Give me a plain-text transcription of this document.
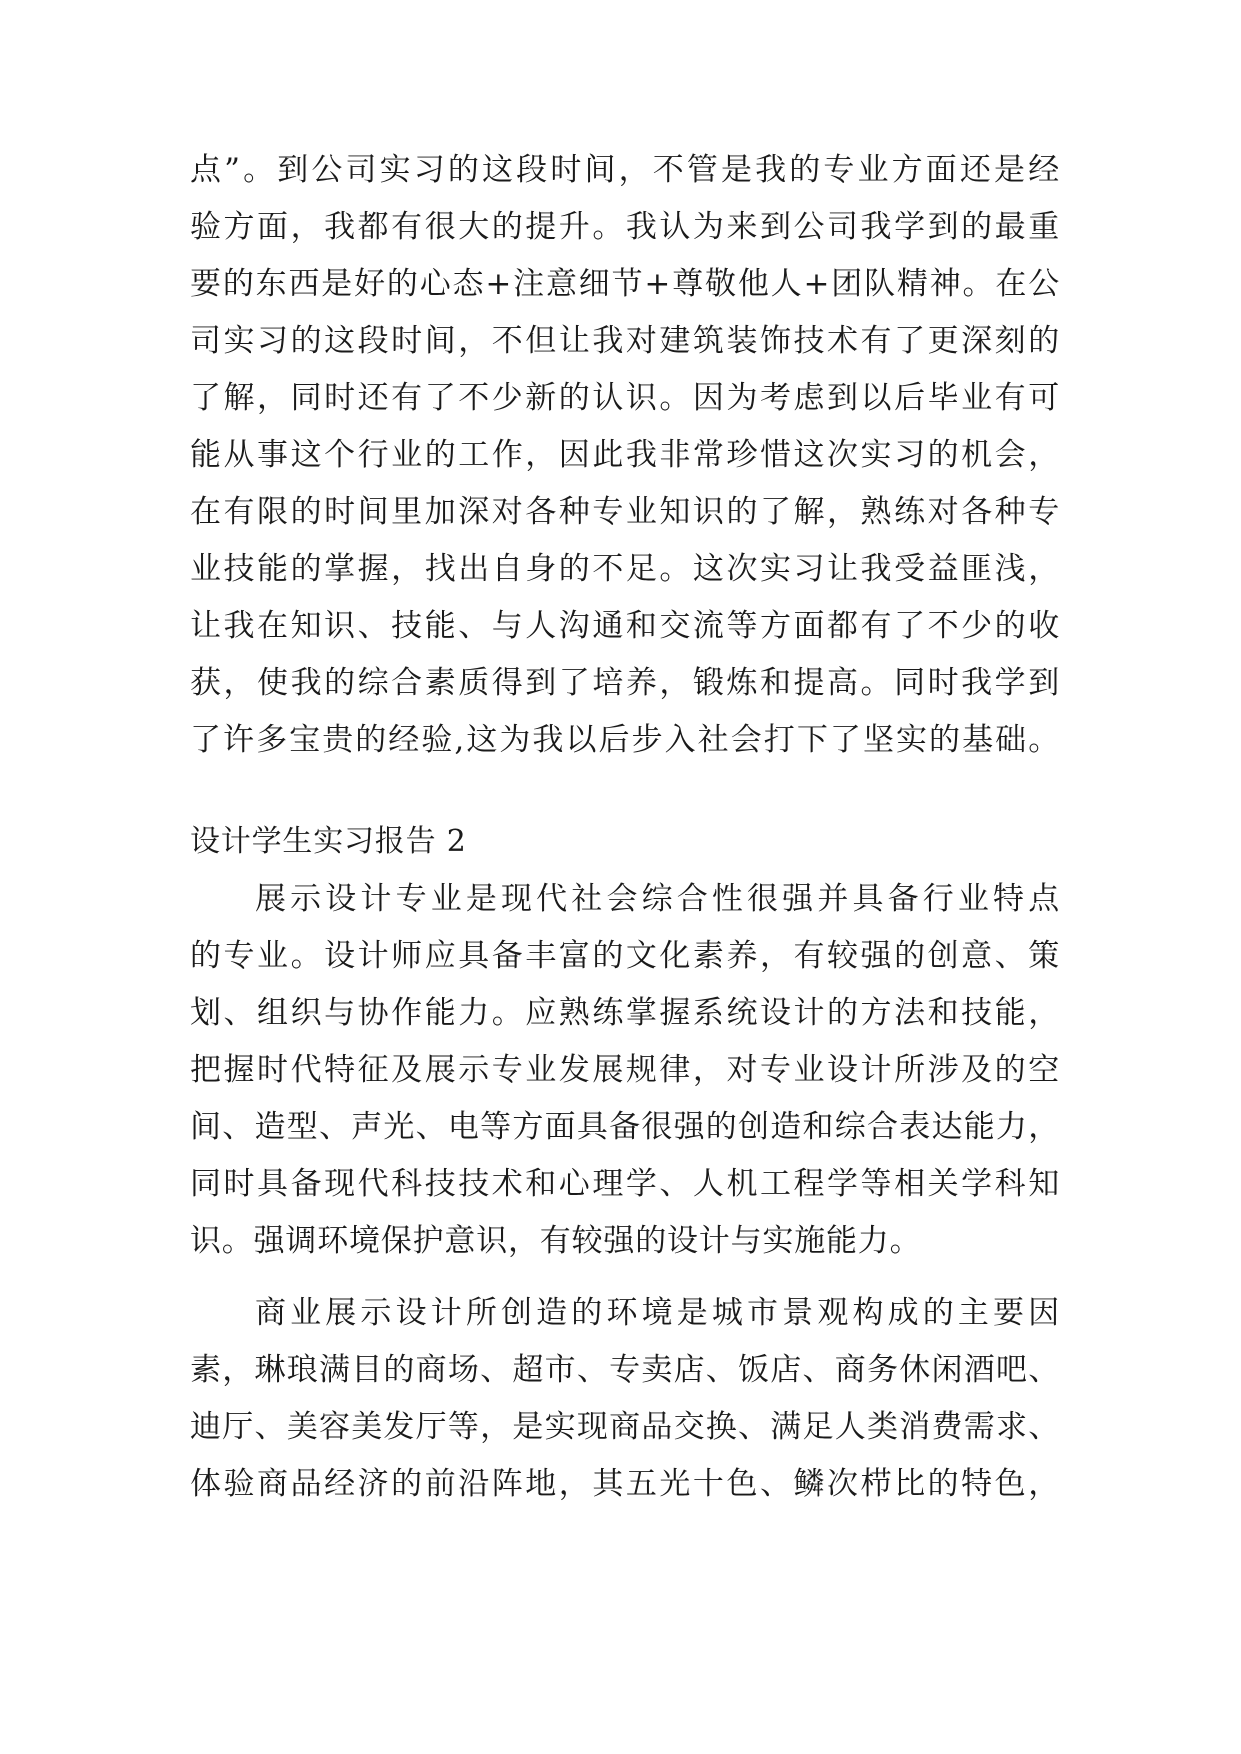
点”。到公司实习的这段时间，不管是我的专业方面还是经
验方面，我都有很大的提升。我认为来到公司我学到的最重
要的东西是好的心态+注意细节+尊敬他人+团队精神。在公
司实习的这段时间，不但让我对建筑装饰技术有了更深刻的
了解，同时还有了不少新的认识。因为考虑到以后毕业有可
能从事这个行业的工作，因此我非常珍惜这次实习的机会，
在有限的时间里加深对各种专业知识的了解，熟练对各种专
业技能的掌握，找出自身的不足。这次实习让我受益匪浅，
让我在知识、技能、与人沟通和交流等方面都有了不少的收
获，使我的综合素质得到了培养，锻炼和提高。同时我学到
了许多宝贵的经验,这为我以后步入社会打下了坚实的基础。
设计学生实习报告 2
展示设计专业是现代社会综合性很强并具备行业特点
的专业。设计师应具备丰富的文化素养，有较强的创意、策
划、组织与协作能力。应熟练掌握系统设计的方法和技能，
把握时代特征及展示专业发展规律，对专业设计所涉及的空
间、造型、声光、电等方面具备很强的创造和综合表达能力，
同时具备现代科技技术和心理学、人机工程学等相关学科知
识。强调环境保护意识，有较强的设计与实施能力。
商业展示设计所创造的环境是城市景观构成的主要因
素，琳琅满目的商场、超市、专卖店、饭店、商务休闲酒吧、
迪厅、美容美发厅等，是实现商品交换、满足人类消费需求、
体验商品经济的前沿阵地，其五光十色、鳞次栉比的特色，
